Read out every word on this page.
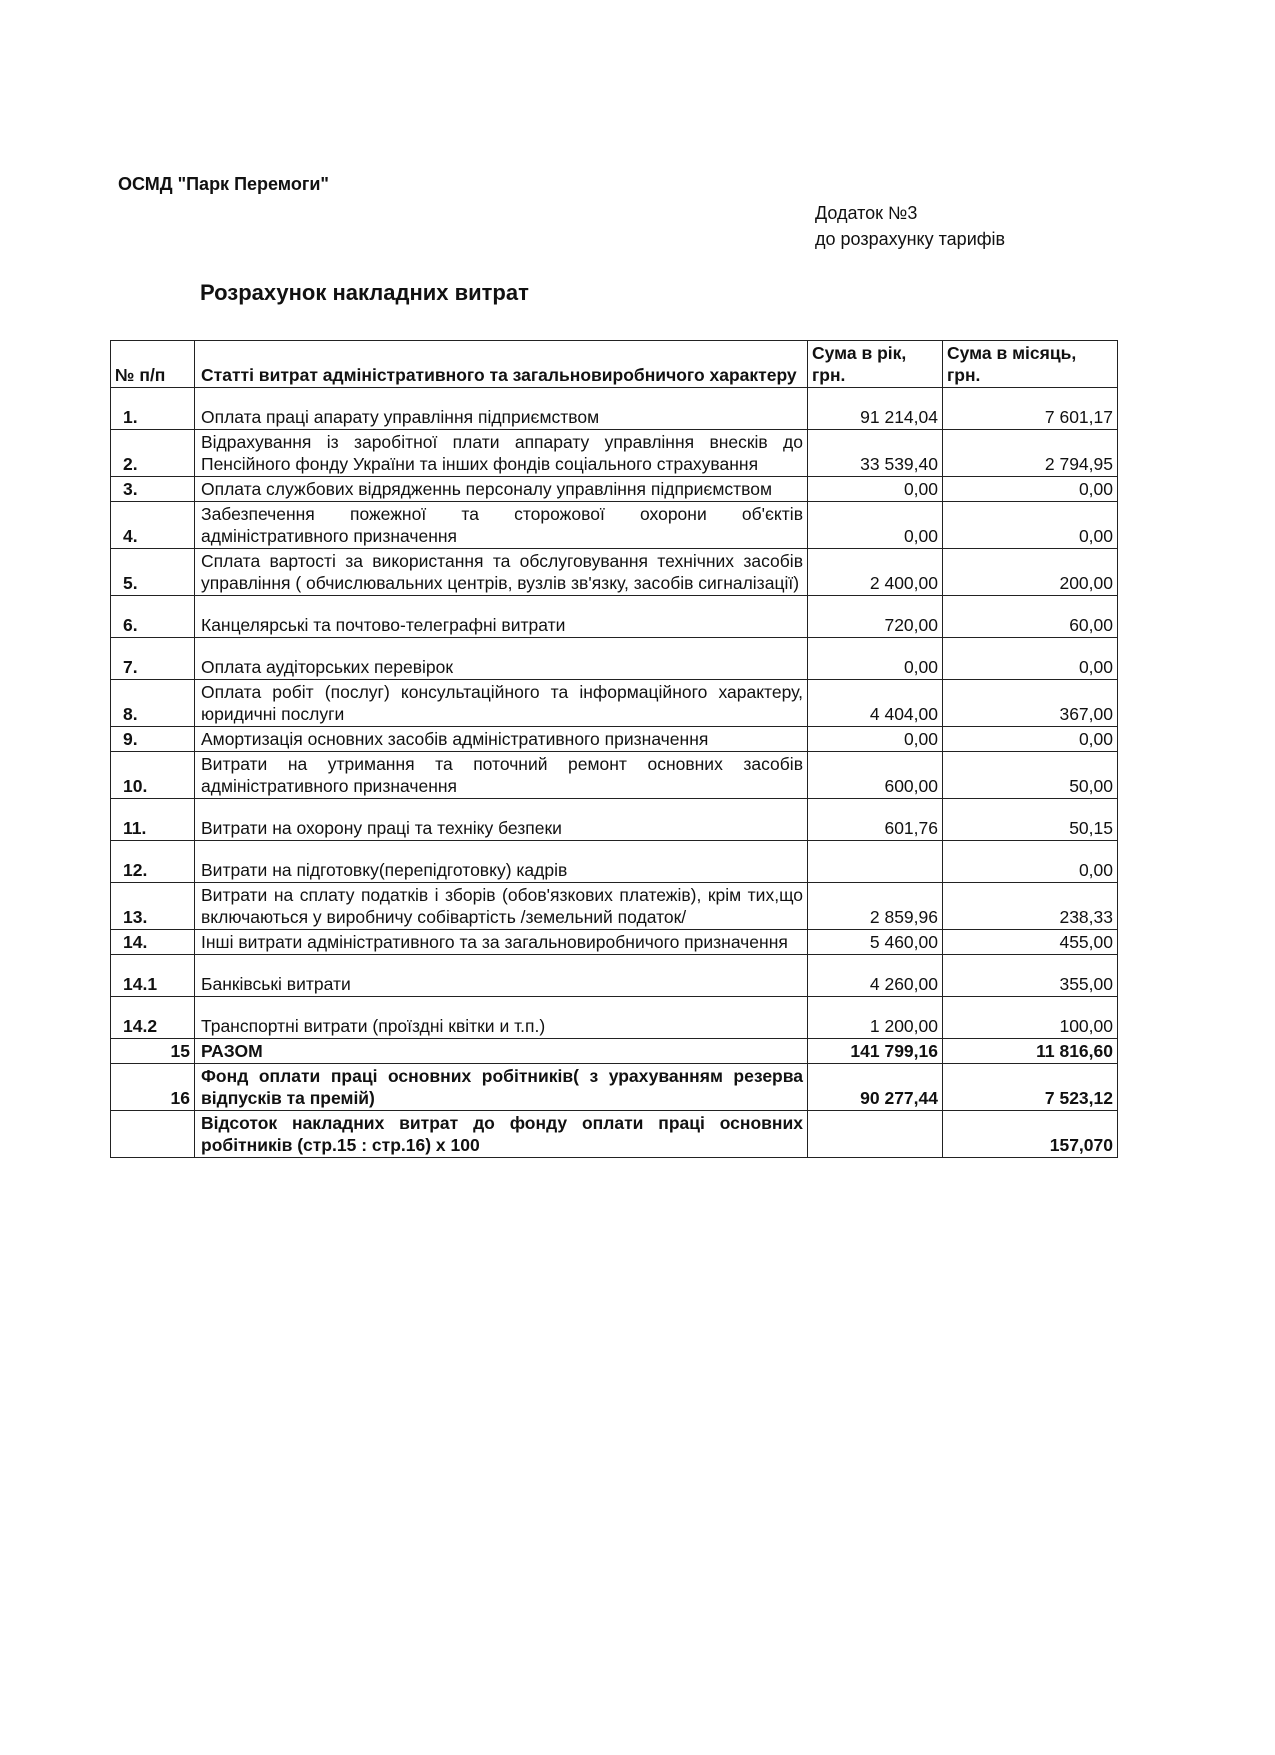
ОСМД "Парк Перемоги"
Додаток №3
до розрахунку тарифів
Розрахунок накладних витрат
№ п/п	Статті витрат адміністративного та загальновиробничого характеру	Сума в рік, грн.	Сума в місяць, грн.
1.	Оплата праці апарату управління підприємством	91 214,04	7 601,17
2.	Відрахування із заробітної плати аппарату управління внесків до Пенсійного фонду України та інших фондів соціального страхування	33 539,40	2 794,95
3.	Оплата службових відрядженнь персоналу управління підприємством	0,00	0,00
4.	Забезпечення пожежної та сторожової охорони об'єктів адміністративного призначення	0,00	0,00
5.	Сплата вартості за використання та обслуговування технічних засобів управління ( обчислювальних центрів, вузлів зв'язку, засобів сигналізації)	2 400,00	200,00
6.	Канцелярські та почтово-телеграфні витрати	720,00	60,00
7.	Оплата аудіторських перевірок	0,00	0,00
8.	Оплата робіт (послуг) консультаційного та інформаційного характеру, юридичні послуги	4 404,00	367,00
9.	Амортизація основних засобів адміністративного призначення	0,00	0,00
10.	Витрати на утримання та поточний ремонт основних засобів адміністративного призначення	600,00	50,00
11.	Витрати на охорону праці та техніку безпеки	601,76	50,15
12.	Витрати на підготовку(перепідготовку) кадрів		0,00
13.	Витрати на сплату податків і зборів (обов'язкових платежів), крім тих,що включаються у виробничу собівартість /земельний податок/	2 859,96	238,33
14.	Інші витрати адміністративного та за загальновиробничого призначення	5 460,00	455,00
14.1	Банківські витрати	4 260,00	355,00
14.2	Транспортні витрати (проїздні квітки и т.п.)	1 200,00	100,00
15	РАЗОМ	141 799,16	11 816,60
16	Фонд оплати праці основних робітників( з урахуванням резерва відпусків та премій)	90 277,44	7 523,12
	Відсоток накладних витрат до фонду оплати праці основних робітників (стр.15 : стр.16) х 100		157,070
